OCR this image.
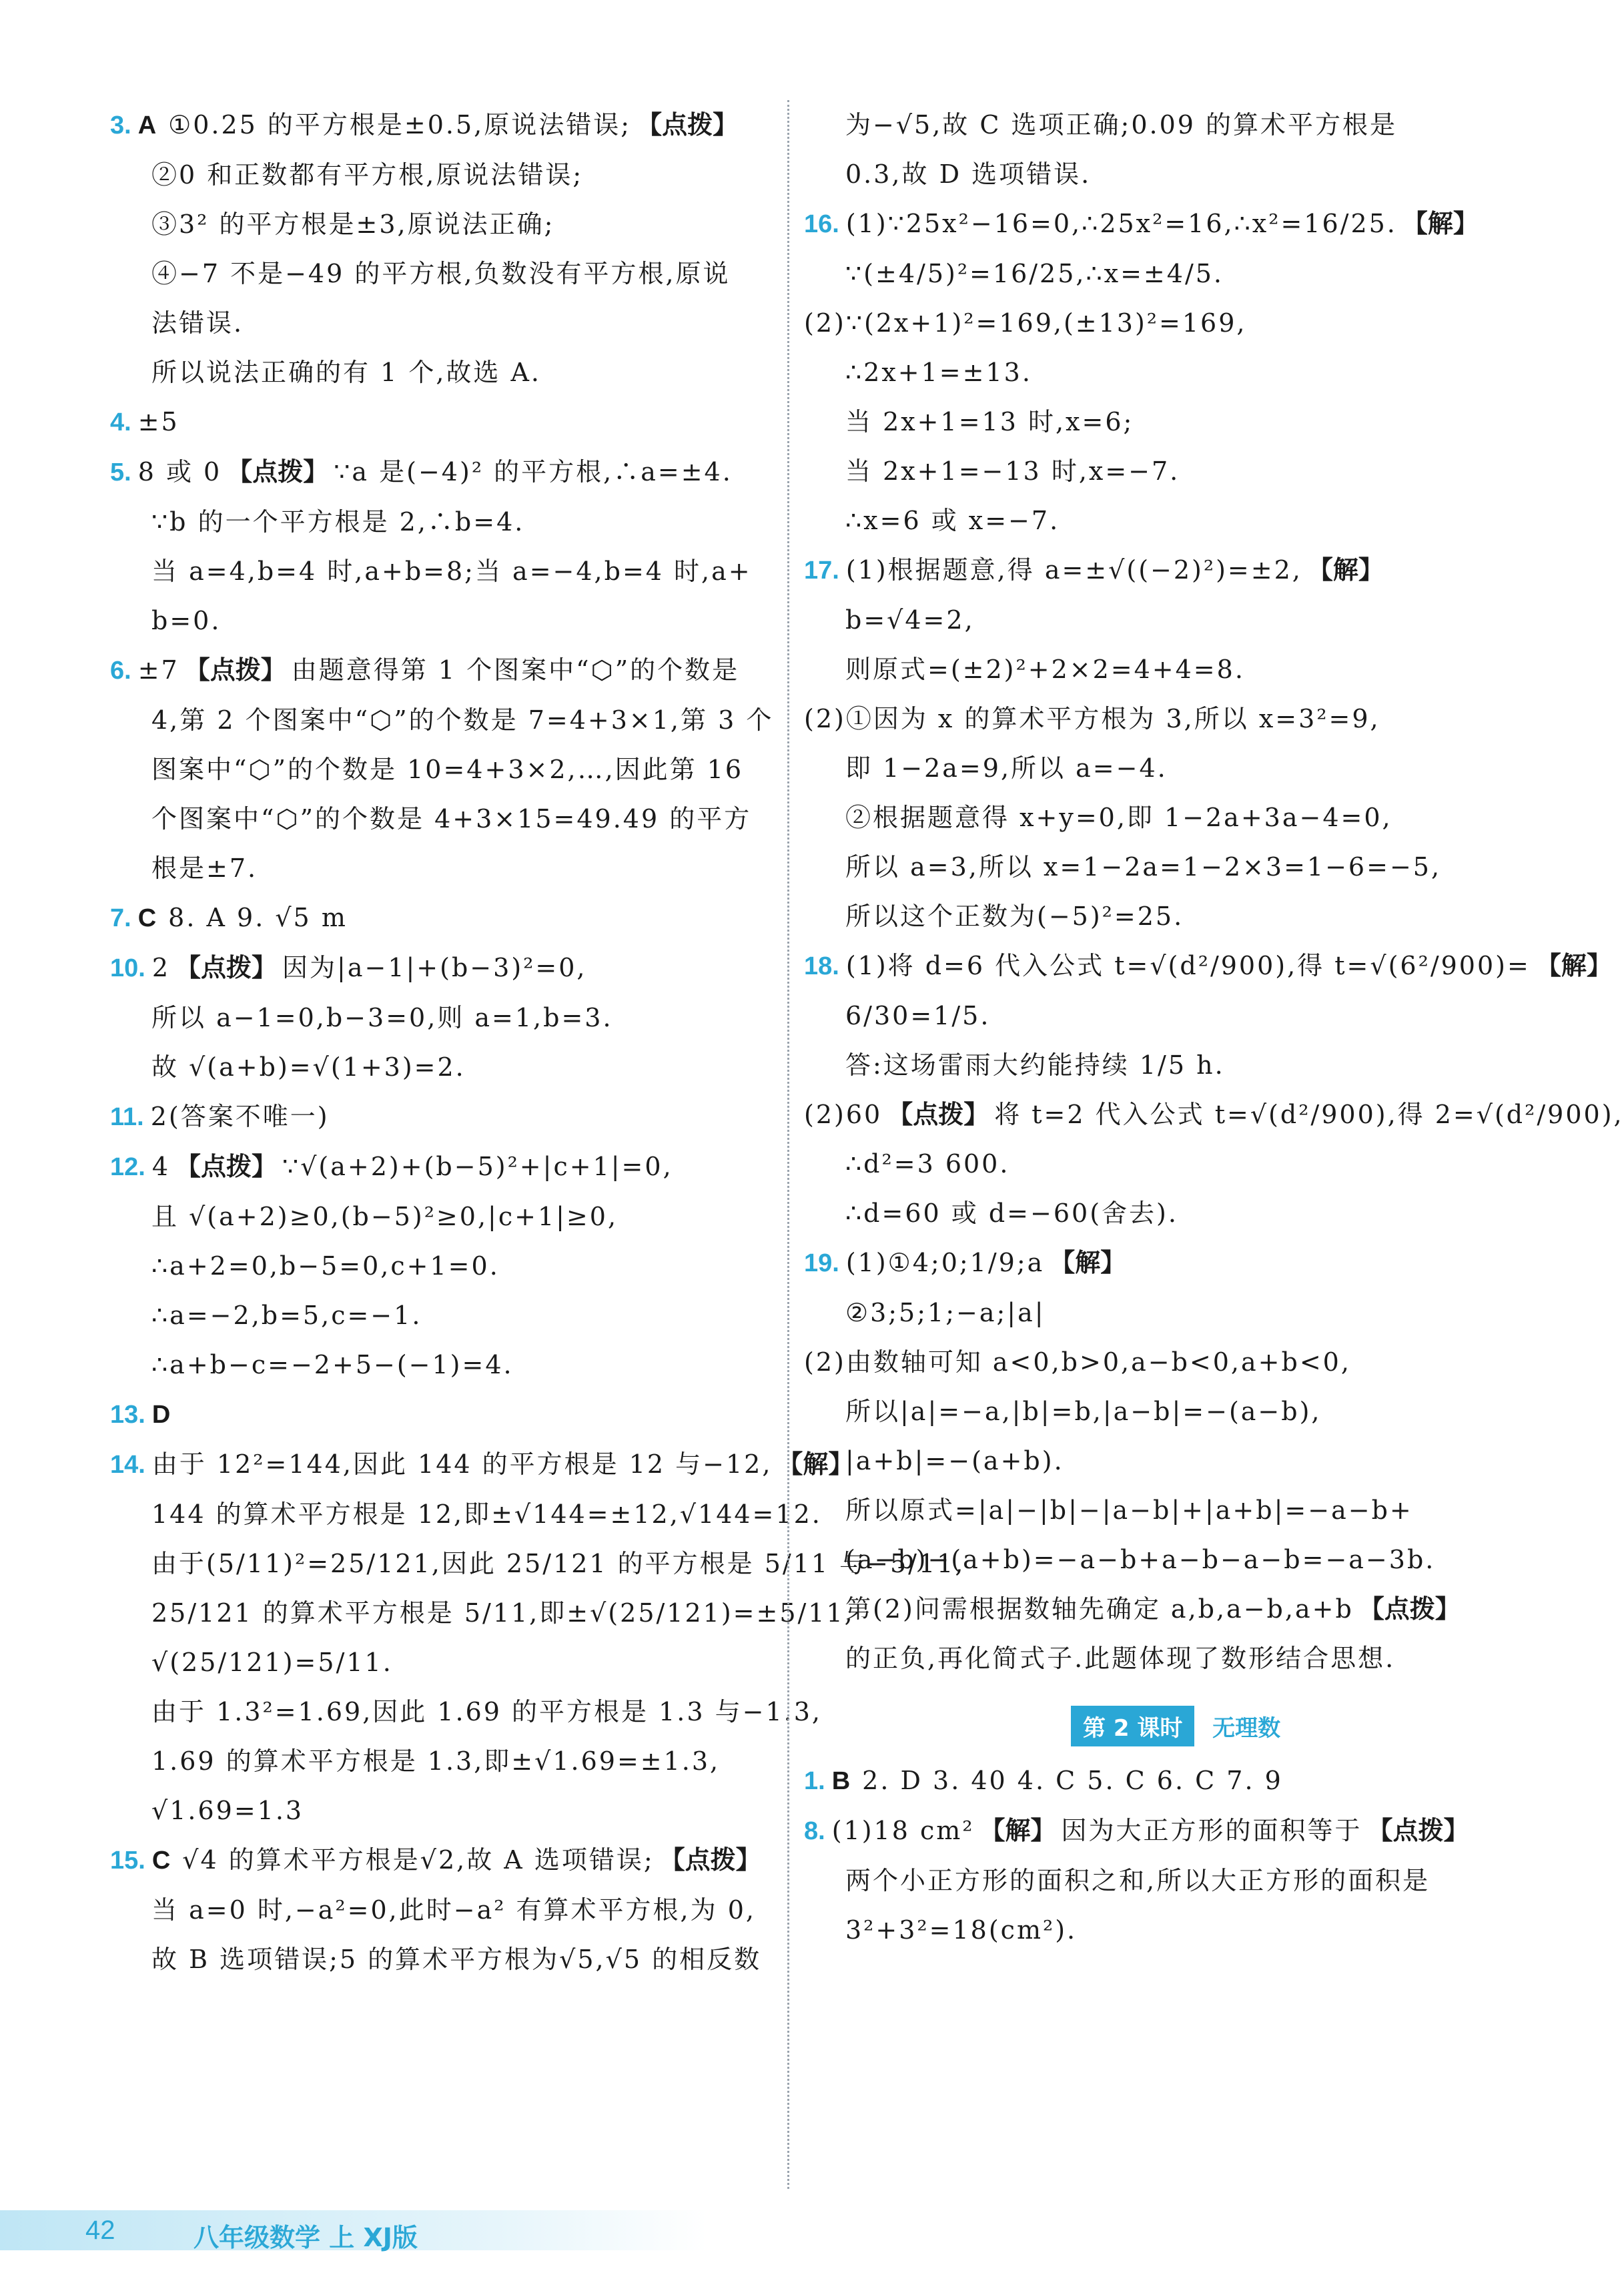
3. A ①0.25 的平方根是±0.5,原说法错误; 【点拨】
②0 和正数都有平方根,原说法错误;
③3² 的平方根是±3,原说法正确;
④−7 不是−49 的平方根,负数没有平方根,原说
法错误.
所以说法正确的有 1 个,故选 A.
4. ±5
5. 8 或 0 【点拨】 ∵a 是(−4)² 的平方根,∴a=±4.
∵b 的一个平方根是 2,∴b=4.
当 a=4,b=4 时,a+b=8;当 a=−4,b=4 时,a+
b=0.
6. ±7 【点拨】 由题意得第 1 个图案中“⬡”的个数是
4,第 2 个图案中“⬡”的个数是 7=4+3×1,第 3 个
图案中“⬡”的个数是 10=4+3×2,…,因此第 16
个图案中“⬡”的个数是 4+3×15=49.49 的平方
根是±7.
7. C 8. A 9. √5 m
10. 2 【点拨】 因为|a−1|+(b−3)²=0,
所以 a−1=0,b−3=0,则 a=1,b=3.
故 √(a+b)=√(1+3)=2.
11. 2(答案不唯一)
12. 4 【点拨】 ∵√(a+2)+(b−5)²+|c+1|=0,
且 √(a+2)≥0,(b−5)²≥0,|c+1|≥0,
∴a+2=0,b−5=0,c+1=0.
∴a=−2,b=5,c=−1.
∴a+b−c=−2+5−(−1)=4.
13. D
14. 由于 12²=144,因此 144 的平方根是 12 与−12, 【解】
144 的算术平方根是 12,即±√144=±12,√144=12.
由于(5/11)²=25/121,因此 25/121 的平方根是 5/11 与−5/11,
25/121 的算术平方根是 5/11,即±√(25/121)=±5/11,
√(25/121)=5/11.
由于 1.3²=1.69,因此 1.69 的平方根是 1.3 与−1.3,
1.69 的算术平方根是 1.3,即±√1.69=±1.3,
√1.69=1.3
15. C √4 的算术平方根是√2,故 A 选项错误; 【点拨】
当 a=0 时,−a²=0,此时−a² 有算术平方根,为 0,
故 B 选项错误;5 的算术平方根为√5,√5 的相反数
为−√5,故 C 选项正确;0.09 的算术平方根是
0.3,故 D 选项错误.
16. (1)∵25x²−16=0,∴25x²=16,∴x²=16/25. 【解】
∵(±4/5)²=16/25,∴x=±4/5.
(2)∵(2x+1)²=169,(±13)²=169,
∴2x+1=±13.
当 2x+1=13 时,x=6;
当 2x+1=−13 时,x=−7.
∴x=6 或 x=−7.
17. (1)根据题意,得 a=±√((−2)²)=±2, 【解】
b=√4=2,
则原式=(±2)²+2×2=4+4=8.
(2)①因为 x 的算术平方根为 3,所以 x=3²=9,
即 1−2a=9,所以 a=−4.
②根据题意得 x+y=0,即 1−2a+3a−4=0,
所以 a=3,所以 x=1−2a=1−2×3=1−6=−5,
所以这个正数为(−5)²=25.
18. (1)将 d=6 代入公式 t=√(d²/900),得 t=√(6²/900)= 【解】
6/30=1/5.
答:这场雷雨大约能持续 1/5 h.
(2)60 【点拨】 将 t=2 代入公式 t=√(d²/900),得 2=√(d²/900),
∴d²=3 600.
∴d=60 或 d=−60(舍去).
19. (1)①4;0;1/9;a 【解】
②3;5;1;−a;|a|
(2)由数轴可知 a<0,b>0,a−b<0,a+b<0,
所以|a|=−a,|b|=b,|a−b|=−(a−b),
|a+b|=−(a+b).
所以原式=|a|−|b|−|a−b|+|a+b|=−a−b+
(a−b)−(a+b)=−a−b+a−b−a−b=−a−3b.
第(2)问需根据数轴先确定 a,b,a−b,a+b 【点拨】
的正负,再化简式子.此题体现了数形结合思想.
第 2 课时 无理数
1. B 2. D 3. 40 4. C 5. C 6. C 7. 9
8. (1)18 cm² 【解】 因为大正方形的面积等于 【点拨】
两个小正方形的面积之和,所以大正方形的面积是
3²+3²=18(cm²).
42	八年级数学 上 XJ版
